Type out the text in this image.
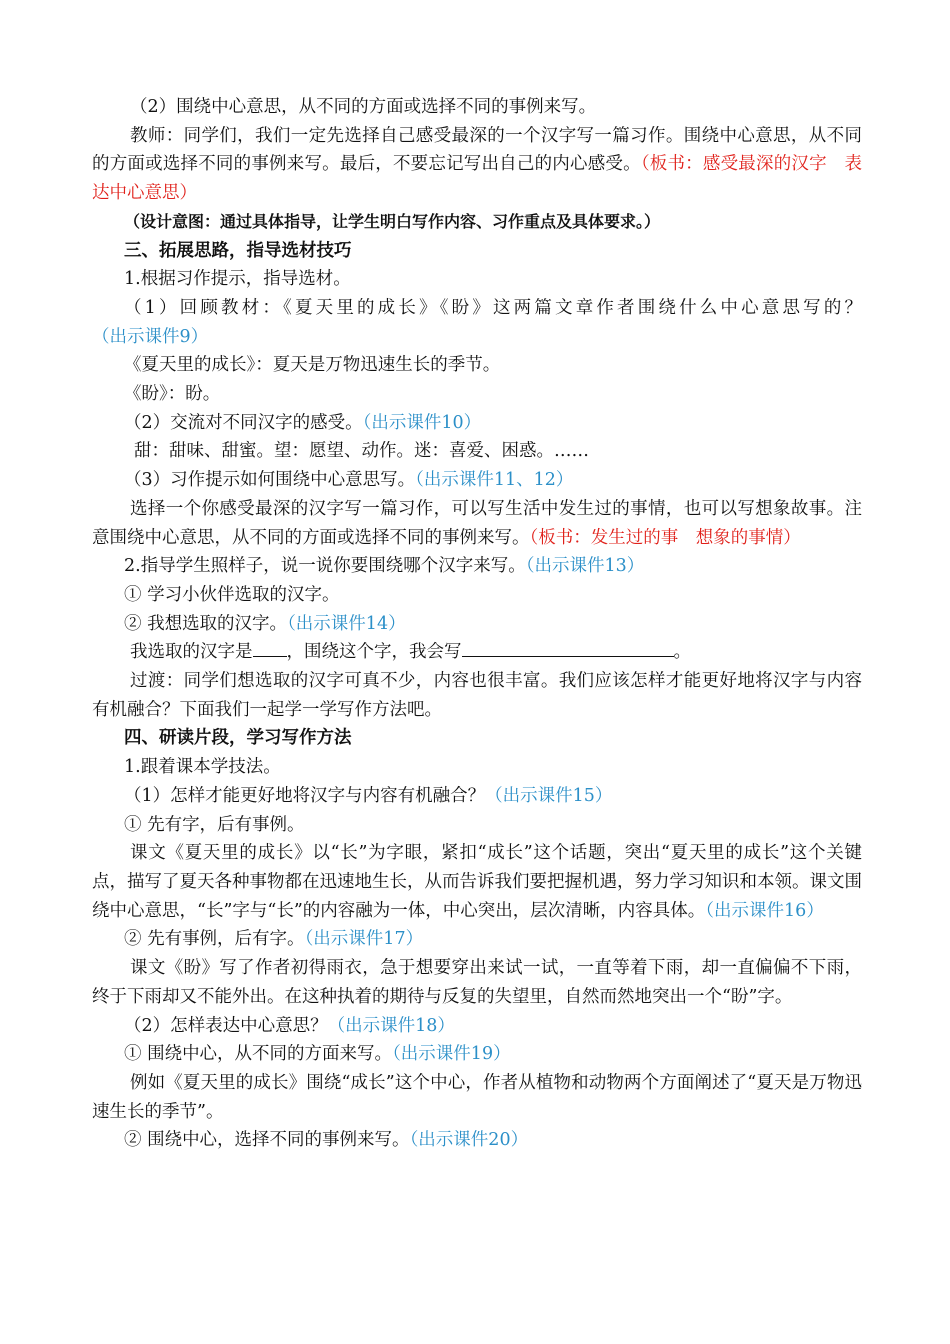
（2）围绕中心意思，从不同的方面或选择不同的事例来写。

教师：同学们，我们一定先选择自己感受最深的一个汉字写一篇习作。围绕中心意思，从不同的方面或选择不同的事例来写。最后，不要忘记写出自己的内心感受。（板书：感受最深的汉字　表达中心意思）

（设计意图：通过具体指导，让学生明白写作内容、习作重点及具体要求。）

三、拓展思路，指导选材技巧

1.根据习作提示，指导选材。

（1）回顾教材：《夏天里的成长》《盼》这两篇文章作者围绕什么中心意思写的？（出示课件9）

《夏天里的成长》：夏天是万物迅速生长的季节。

《盼》：盼。

（2）交流对不同汉字的感受。（出示课件10）

甜：甜味、甜蜜。望：愿望、动作。迷：喜爱、困惑。……

（3）习作提示如何围绕中心意思写。（出示课件11、12）

选择一个你感受最深的汉字写一篇习作，可以写生活中发生过的事情，也可以写想象故事。注意围绕中心意思，从不同的方面或选择不同的事例来写。（板书：发生过的事　想象的事情）

2.指导学生照样子，说一说你要围绕哪个汉字来写。（出示课件13）

① 学习小伙伴选取的汉字。

② 我想选取的汉字。（出示课件14）

我选取的汉字是 ，围绕这个字，我会写	。

过渡：同学们想选取的汉字可真不少，内容也很丰富。我们应该怎样才能更好地将汉字与内容有机融合？下面我们一起学一学写作方法吧。

四、研读片段，学习写作方法

1.跟着课本学技法。

（1）怎样才能更好地将汉字与内容有机融合？（出示课件15）

① 先有字，后有事例。

课文《夏天里的成长》以“长”为字眼，紧扣“成长”这个话题，突出“夏天里的成长”这个关键点，描写了夏天各种事物都在迅速地生长，从而告诉我们要把握机遇，努力学习知识和本领。课文围绕中心意思，“长”字与“长”的内容融为一体，中心突出，层次清晰，内容具体。（出示课件16）

② 先有事例，后有字。（出示课件17）

课文《盼》写了作者初得雨衣，急于想要穿出来试一试，一直等着下雨，却一直偏偏不下雨，终于下雨却又不能外出。在这种执着的期待与反复的失望里，自然而然地突出一个“盼”字。

（2）怎样表达中心意思？（出示课件18）

① 围绕中心，从不同的方面来写。（出示课件19）

例如《夏天里的成长》围绕“成长”这个中心，作者从植物和动物两个方面阐述了“夏天是万物迅速生长的季节”。

② 围绕中心，选择不同的事例来写。（出示课件20）
